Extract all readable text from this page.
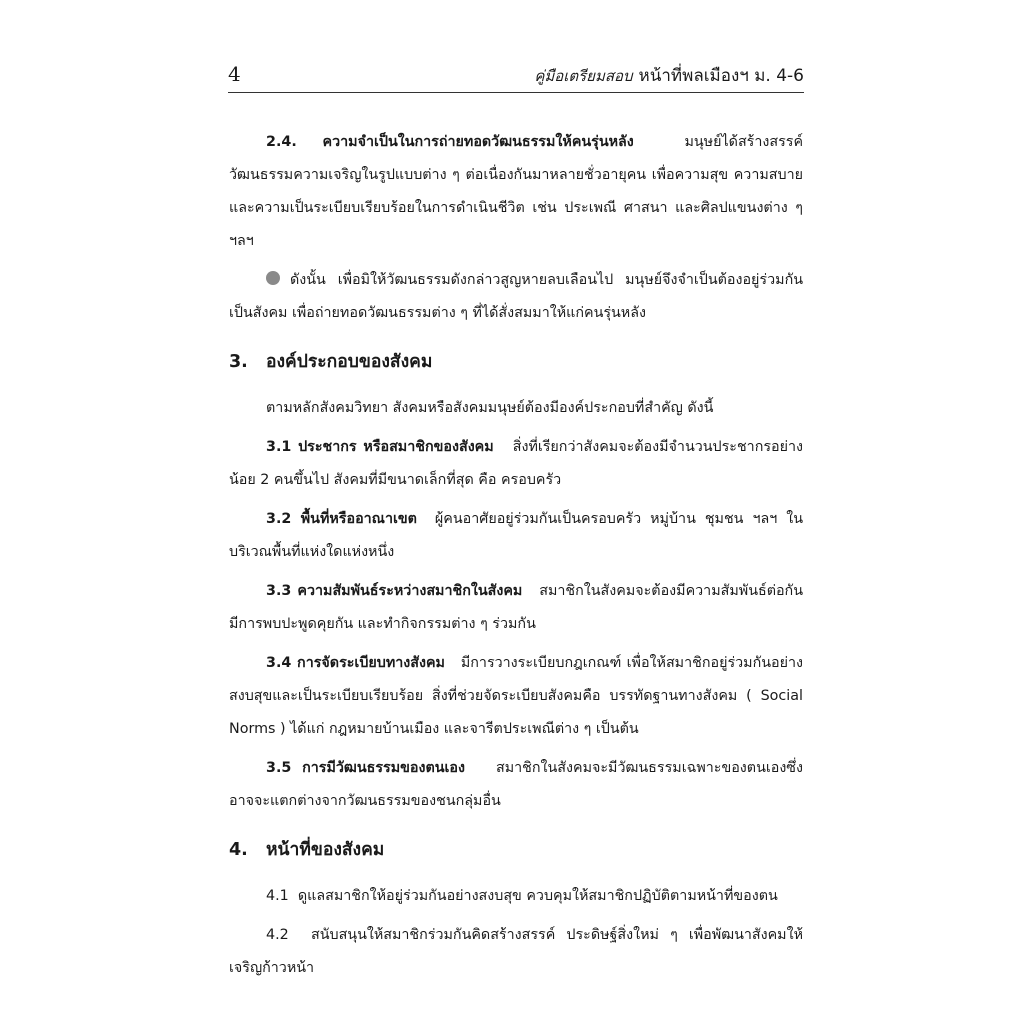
4	คู่มือเตรียมสอบ หน้าที่พลเมืองฯ ม. 4-6

2.4. ความจำเป็นในการถ่ายทอดวัฒนธรรมให้คนรุ่นหลัง	มนุษย์ได้สร้างสรรค์วัฒนธรรมความเจริญในรูปแบบต่าง ๆ ต่อเนื่องกันมาหลายชั่วอายุคน เพื่อความสุข ความสบาย และความเป็นระเบียบเรียบร้อยในการดำเนินชีวิต เช่น ประเพณี ศาสนา และศิลปแขนงต่าง ๆ ฯลฯ

ดังนั้น เพื่อมิให้วัฒนธรรมดังกล่าวสูญหายลบเลือนไป มนุษย์จึงจำเป็นต้องอยู่ร่วมกันเป็นสังคม เพื่อถ่ายทอดวัฒนธรรมต่าง ๆ ที่ได้สั่งสมมาให้แก่คนรุ่นหลัง

3. องค์ประกอบของสังคม

ตามหลักสังคมวิทยา สังคมหรือสังคมมนุษย์ต้องมีองค์ประกอบที่สำคัญ ดังนี้

3.1 ประชากร หรือสมาชิกของสังคม สิ่งที่เรียกว่าสังคมจะต้องมีจำนวนประชากรอย่างน้อย 2 คนขึ้นไป สังคมที่มีขนาดเล็กที่สุด คือ ครอบครัว

3.2 พื้นที่หรืออาณาเขต ผู้คนอาศัยอยู่ร่วมกันเป็นครอบครัว หมู่บ้าน ชุมชน ฯลฯ ในบริเวณพื้นที่แห่งใดแห่งหนึ่ง

3.3 ความสัมพันธ์ระหว่างสมาชิกในสังคม สมาชิกในสังคมจะต้องมีความสัมพันธ์ต่อกัน มีการพบปะพูดคุยกัน และทำกิจกรรมต่าง ๆ ร่วมกัน

3.4 การจัดระเบียบทางสังคม มีการวางระเบียบกฎเกณฑ์ เพื่อให้สมาชิกอยู่ร่วมกันอย่างสงบสุขและเป็นระเบียบเรียบร้อย สิ่งที่ช่วยจัดระเบียบสังคมคือ บรรทัดฐานทางสังคม ( Social Norms ) ได้แก่ กฎหมายบ้านเมือง และจารีตประเพณีต่าง ๆ เป็นต้น

3.5 การมีวัฒนธรรมของตนเอง สมาชิกในสังคมจะมีวัฒนธรรมเฉพาะของตนเองซึ่งอาจจะแตกต่างจากวัฒนธรรมของชนกลุ่มอื่น

4. หน้าที่ของสังคม

4.1 ดูแลสมาชิกให้อยู่ร่วมกันอย่างสงบสุข ควบคุมให้สมาชิกปฏิบัติตามหน้าที่ของตน

4.2 สนับสนุนให้สมาชิกร่วมกันคิดสร้างสรรค์ ประดิษฐ์สิ่งใหม่ ๆ เพื่อพัฒนาสังคมให้เจริญก้าวหน้า
